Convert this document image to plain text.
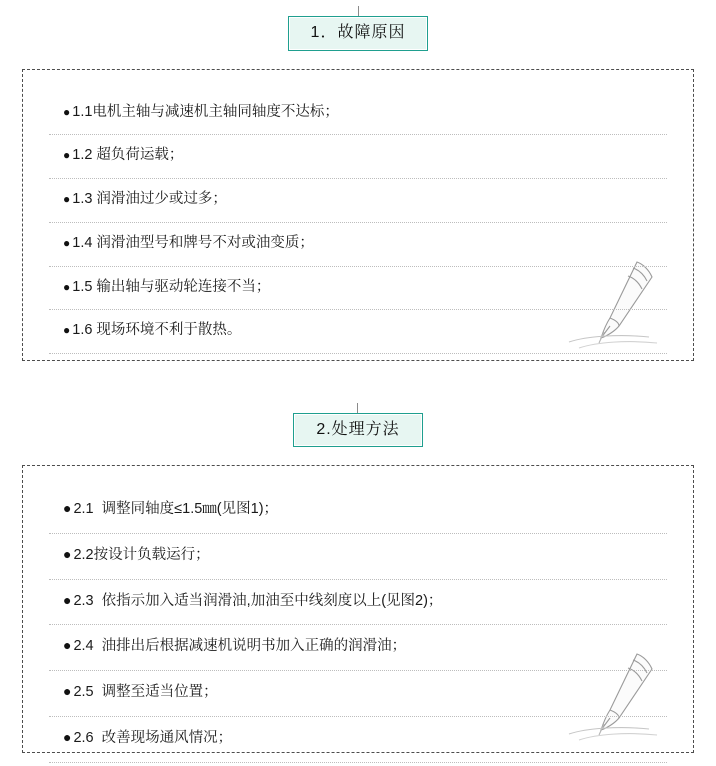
1．故障原因
● 1.1电机主轴与减速机主轴同轴度不达标；
● 1.2 超负荷运载；
● 1.3 润滑油过少或过多；
● 1.4 润滑油型号和牌号不对或油变质；
● 1.5 输出轴与驱动轮连接不当；
● 1.6 现场环境不利于散热。
2.处理方法
● 2.1  调整同轴度≤1.5㎜(见图1)；
● 2.2按设计负载运行；
● 2.3  依指示加入适当润滑油,加油至中线刻度以上(见图2)；
● 2.4  油排出后根据减速机说明书加入正确的润滑油；
● 2.5  调整至适当位置；
● 2.6  改善现场通风情况；
